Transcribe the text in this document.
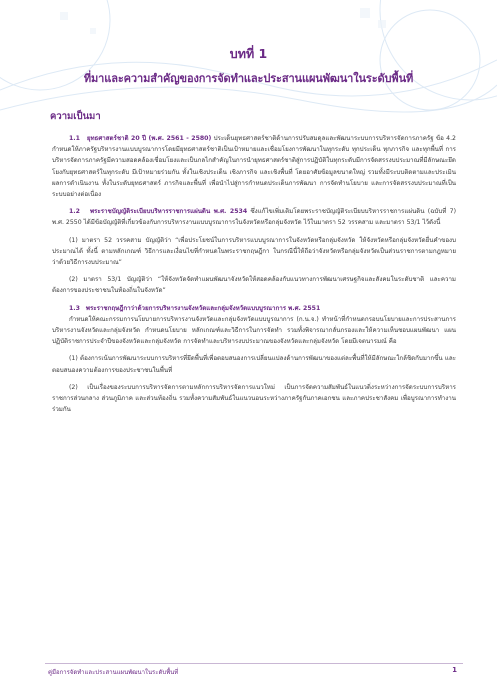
บทที่ 1
ที่มาและความสำคัญของการจัดทำและประสานแผนพัฒนาในระดับพื้นที่
ความเป็นมา

1.1 ยุทธศาสตร์ชาติ 20 ปี (พ.ศ. 2561 - 2580) ประเด็นยุทธศาสตร์ชาติด้านการปรับสมดุลและพัฒนาระบบการบริหารจัดการภาครัฐ ข้อ 4.2 กำหนดให้ภาครัฐบริหารงานแบบบูรณาการโดยมียุทธศาสตร์ชาติเป็นเป้าหมายและเชื่อมโยงการพัฒนาในทุกระดับ ทุกประเด็น ทุกภารกิจ และทุกพื้นที่ การบริหารจัดการภาครัฐมีความสอดคล้องเชื่อมโยงและเป็นกลไกสำคัญในการนำยุทธศาสตร์ชาติสู่การปฏิบัติในทุกระดับมีการจัดสรรงบประมาณที่มีลักษณะยึดโยงกับยุทธศาสตร์ในทุกระดับ มีเป้าหมายร่วมกัน ทั้งในเชิงประเด็น เชิงภารกิจ และเชิงพื้นที่ โดยอาศัยข้อมูลขนาดใหญ่ รวมทั้งมีระบบติดตามและประเมินผลการดำเนินงาน ทั้งในระดับยุทธศาสตร์ ภารกิจและพื้นที่ เพื่อนำไปสู่การกำหนดประเด็นการพัฒนา การจัดทำนโยบาย และการจัดสรรงบประมาณที่เป็นระบบอย่างต่อเนื่อง

1.2 พระราชบัญญัติระเบียบบริหารราชการแผ่นดิน พ.ศ. 2534 ซึ่งแก้ไขเพิ่มเติมโดยพระราชบัญญัติระเบียบบริหารราชการแผ่นดิน (ฉบับที่ 7) พ.ศ. 2550 ได้มีข้อบัญญัติที่เกี่ยวข้องกับการบริหารงานแบบบูรณาการในจังหวัดหรือกลุ่มจังหวัด ไว้ในมาตรา 52 วรรคสาม และมาตรา 53/1 ไว้ดังนี้

(1) มาตรา 52 วรรคสาม บัญญัติว่า “เพื่อประโยชน์ในการบริหารแบบบูรณาการในจังหวัดหรือกลุ่มจังหวัด ให้จังหวัดหรือกลุ่มจังหวัดยื่นคำของบประมาณได้ ทั้งนี้ ตามหลักเกณฑ์ วิธีการและเงื่อนไขที่กำหนดในพระราชกฤษฎีกา ในกรณีนี้ให้ถือว่าจังหวัดหรือกลุ่มจังหวัดเป็นส่วนราชการตามกฎหมายว่าด้วยวิธีการงบประมาณ”

(2) มาตรา 53/1 บัญญัติว่า “ให้จังหวัดจัดทำแผนพัฒนาจังหวัดให้สอดคล้องกับแนวทางการพัฒนาเศรษฐกิจและสังคมในระดับชาติ และความต้องการของประชาชนในท้องถิ่นในจังหวัด”

1.3 พระราชกฤษฎีกาว่าด้วยการบริหารงานจังหวัดและกลุ่มจังหวัดแบบบูรณาการ พ.ศ. 2551

กำหนดให้คณะกรรมการนโยบายการบริหารงานจังหวัดและกลุ่มจังหวัดแบบบูรณาการ (ก.น.จ.) ทำหน้าที่กำหนดกรอบนโยบายและการประสานการบริหารงานจังหวัดและกลุ่มจังหวัด กำหนดนโยบาย หลักเกณฑ์และวิธีการในการจัดทำ รวมทั้งพิจารณากลั่นกรองและให้ความเห็นชอบแผนพัฒนา แผนปฏิบัติราชการประจำปีของจังหวัดและกลุ่มจังหวัด การจัดทำและบริหารงบประมาณของจังหวัดและกลุ่มจังหวัด โดยมีเจตนารมณ์ คือ

(1) ต้องการเน้นการพัฒนาระบบการบริหารที่ยึดพื้นที่เพื่อตอบสนองการเปลี่ยนแปลงด้านการพัฒนาของแต่ละพื้นที่ให้มีลักษณะใกล้ชิดกับมากขึ้น และตอบสนองความต้องการของประชาชนในพื้นที่

(2) เป็นเรื่องของระบบการบริหารจัดการตามหลักการบริหารจัดการแนวใหม่ เป็นการจัดความสัมพันธ์ในแนวดิ่งระหว่างการจัดระบบการบริหารราชการส่วนกลาง ส่วนภูมิภาค และส่วนท้องถิ่น รวมทั้งความสัมพันธ์ในแนวนอนระหว่างภาครัฐกับภาคเอกชน และภาคประชาสังคม เพื่อบูรณาการทำงานร่วมกัน

คู่มือการจัดทำและประสานแผนพัฒนาในระดับพื้นที่	1
